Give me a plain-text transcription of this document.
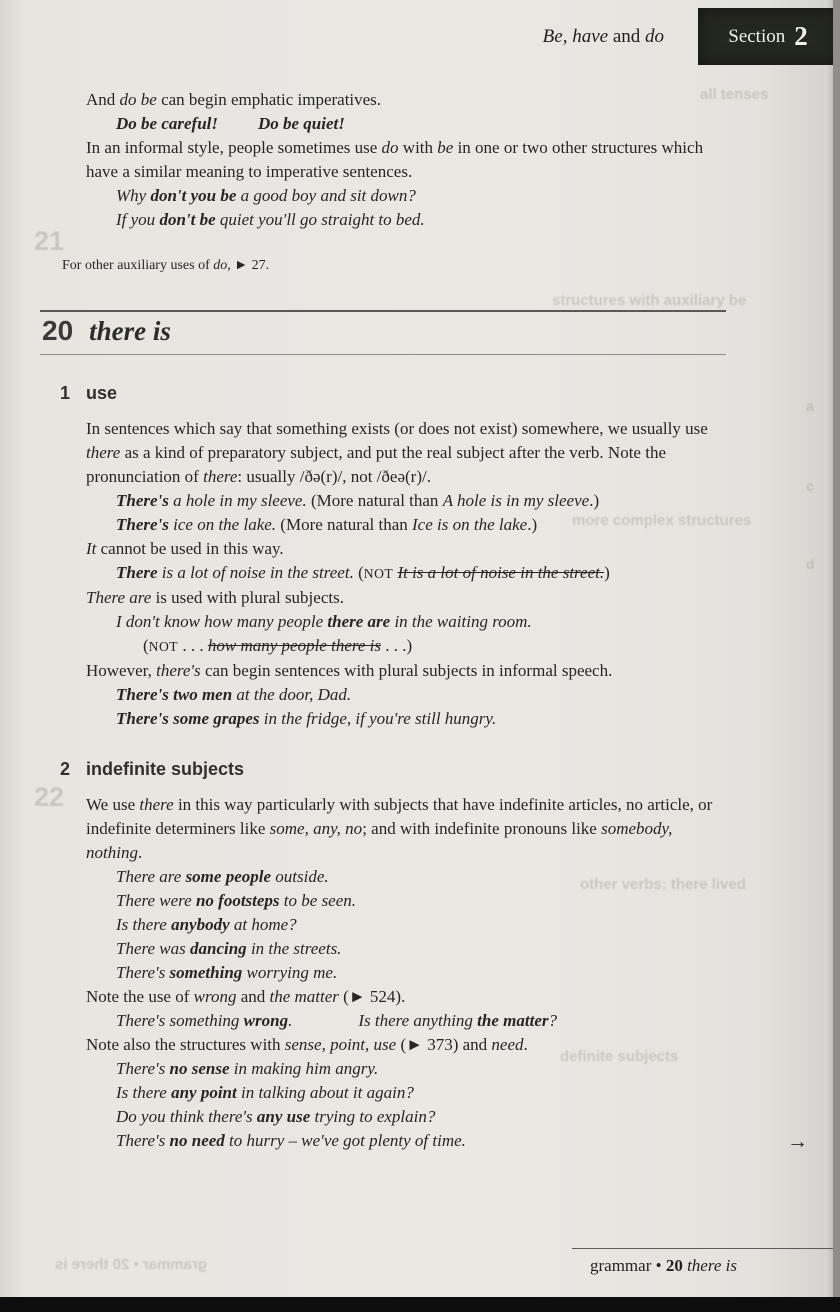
all tenses
21
structures with auxiliary be
a
c
more complex structures
d
22
other verbs: there lived
definite subjects
grammar • 20 there is
Be, have and do	Section 2
And do be can begin emphatic imperatives.
Do be careful! Do be quiet!
In an informal style, people sometimes use do with be in one or two other structures which have a similar meaning to imperative sentences.
Why don't you be a good boy and sit down?
If you don't be quiet you'll go straight to bed.
For other auxiliary uses of do, ► 27.
20 there is
1 use
In sentences which say that something exists (or does not exist) somewhere, we usually use there as a kind of preparatory subject, and put the real subject after the verb. Note the pronunciation of there: usually /ðə(r)/, not /ðeə(r)/.
There's a hole in my sleeve. (More natural than A hole is in my sleeve.)
There's ice on the lake. (More natural than Ice is on the lake.)
It cannot be used in this way.
There is a lot of noise in the street. (NOT It is a lot of noise in the street.)
There are is used with plural subjects.
I don't know how many people there are in the waiting room.
(NOT . . . how many people there is . . .)
However, there's can begin sentences with plural subjects in informal speech.
There's two men at the door, Dad.
There's some grapes in the fridge, if you're still hungry.
2 indefinite subjects
We use there in this way particularly with subjects that have indefinite articles, no article, or indefinite determiners like some, any, no; and with indefinite pronouns like somebody, nothing.
There are some people outside.
There were no footsteps to be seen.
Is there anybody at home?
There was dancing in the streets.
There's something worrying me.
Note the use of wrong and the matter (► 524).
There's something wrong.	Is there anything the matter?
Note also the structures with sense, point, use (► 373) and need.
There's no sense in making him angry.
Is there any point in talking about it again?
Do you think there's any use trying to explain?
There's no need to hurry – we've got plenty of time.	→
grammar • 20 there is
